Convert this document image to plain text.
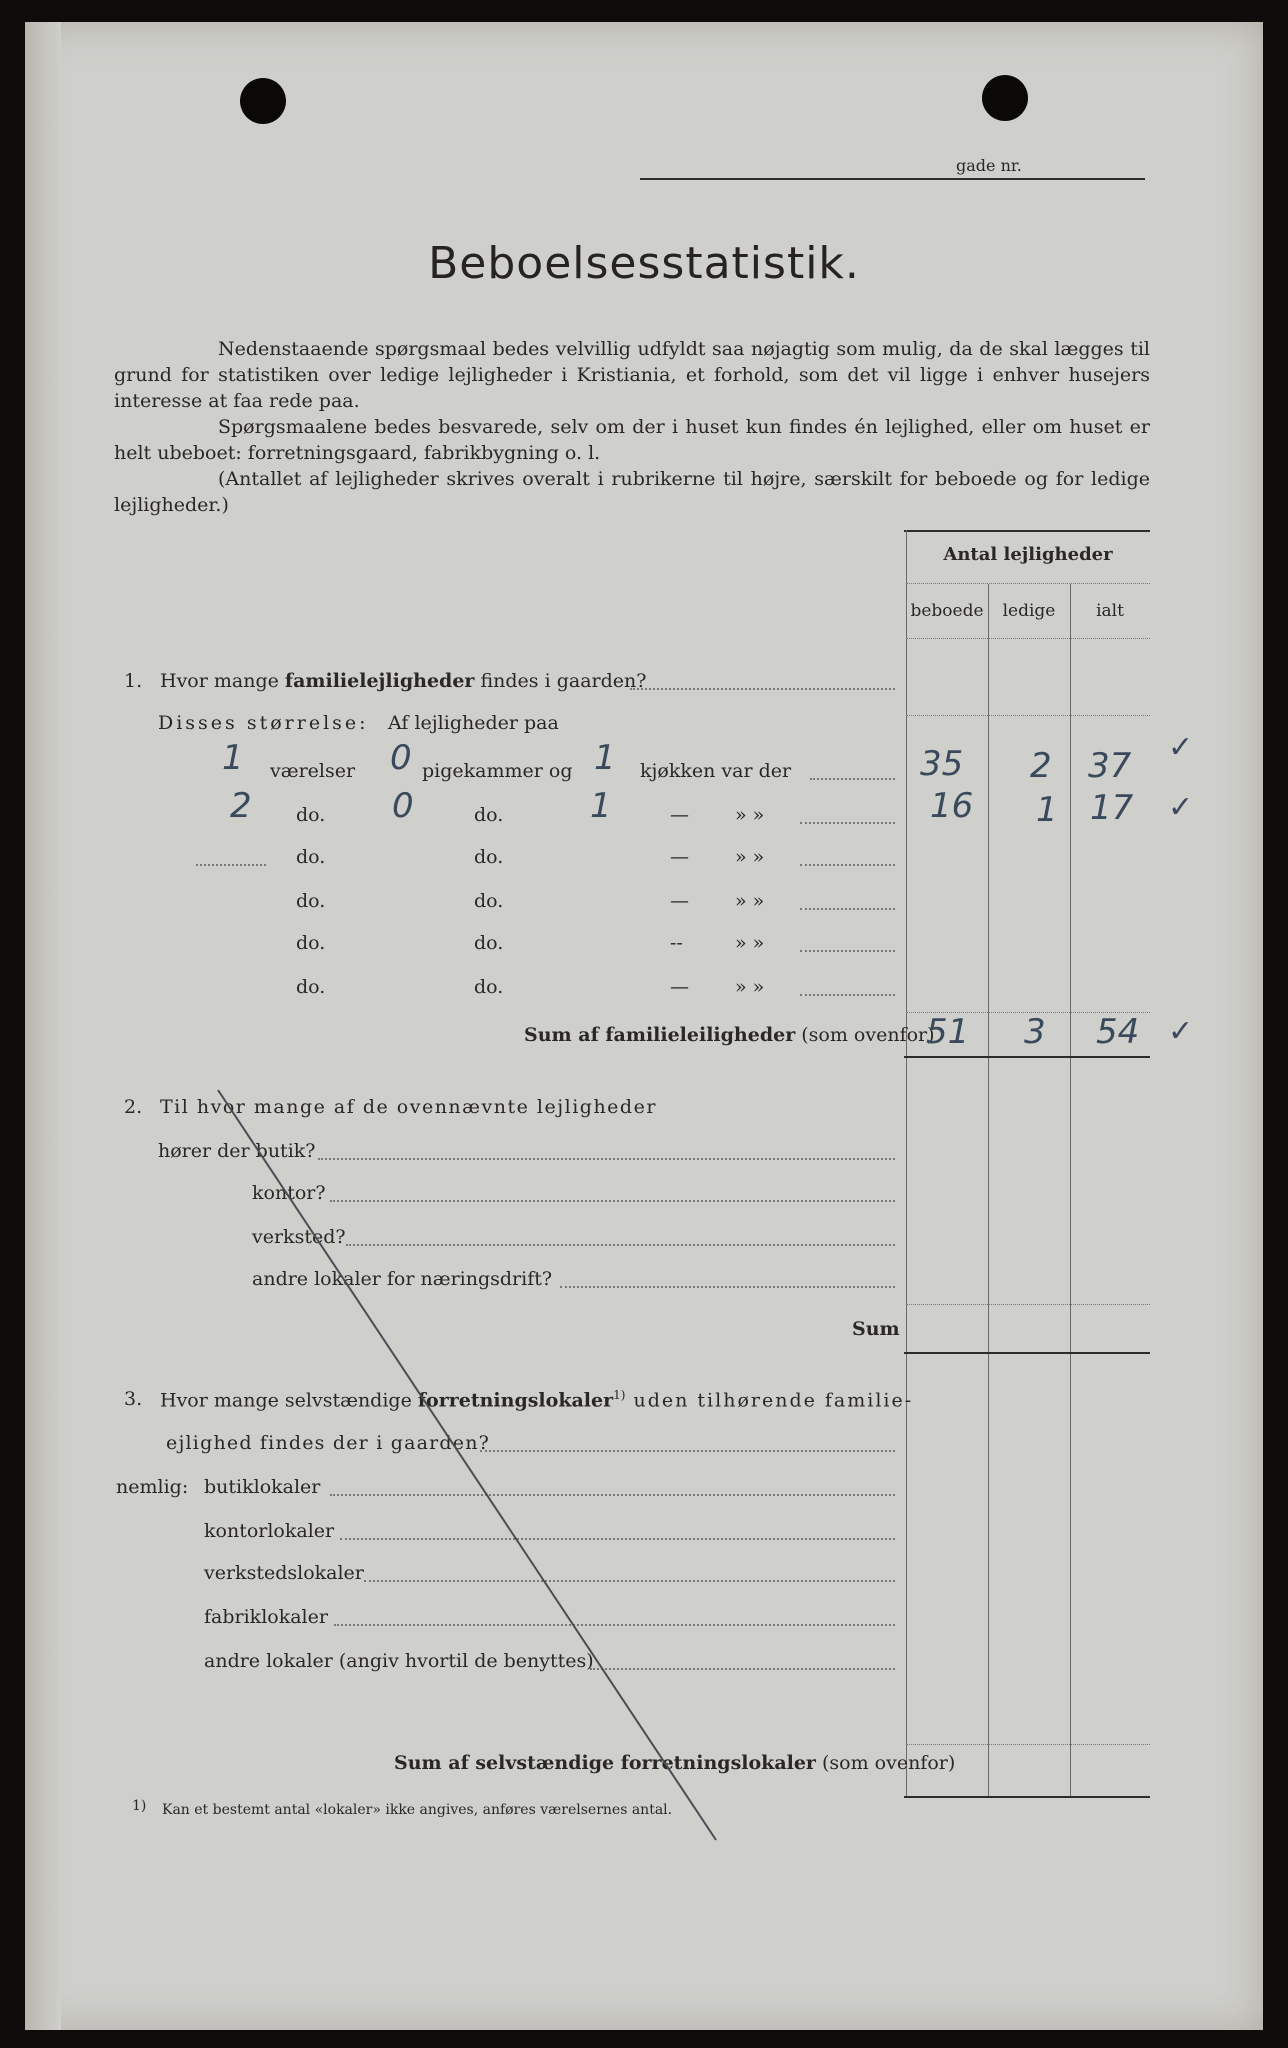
gade nr.
Beboelsesstatistik.
Nedenstaaende spørgsmaal bedes velvillig udfyldt saa nøjagtig som mulig, da de skal lægges til grund for statistiken over ledige lejligheder i Kristiania, et forhold, som det vil ligge i enhver husejers interesse at faa rede paa.
Spørgsmaalene bedes besvarede, selv om der i huset kun findes én lejlighed, eller om huset er helt ubeboet: forretningsgaard, fabrikbygning o. l.
(Antallet af lejligheder skrives overalt i rubrikerne til højre, særskilt for beboede og for ledige lejligheder.)
Antal lejligheder
beboede	ledige	ialt
1. Hvor mange familielejligheder findes i gaarden?
Disses størrelse: Af lejligheder paa
1 værelser 0 pigekammer og 1 kjøkken var der	35 2 37 ✓
2 do. 0	do.	1	— » »	16 1 17 ✓
do.	do.	— » »
do.	do.	— » »
do.	do.	--	» »
do.	do.	— » »
Sum af familieleiligheder (som ovenfor)
51 3 54 ✓
2. Til hvor mange af de ovennævnte lejligheder
hører der butik?
kontor?
verksted?
andre lokaler for næringsdrift?
Sum
3. Hvor mange selvstændige forretningslokaler$^{1)}$ uden tilhørende familie-
ejlighed findes der i gaarden?
nemlig: butiklokaler
kontorlokaler
verkstedslokaler
fabriklokaler
andre lokaler (angiv hvortil de benyttes)
Sum af selvstændige forretningslokaler (som ovenfor)
1) Kan et bestemt antal «lokaler» ikke angives, anføres værelsernes antal.
